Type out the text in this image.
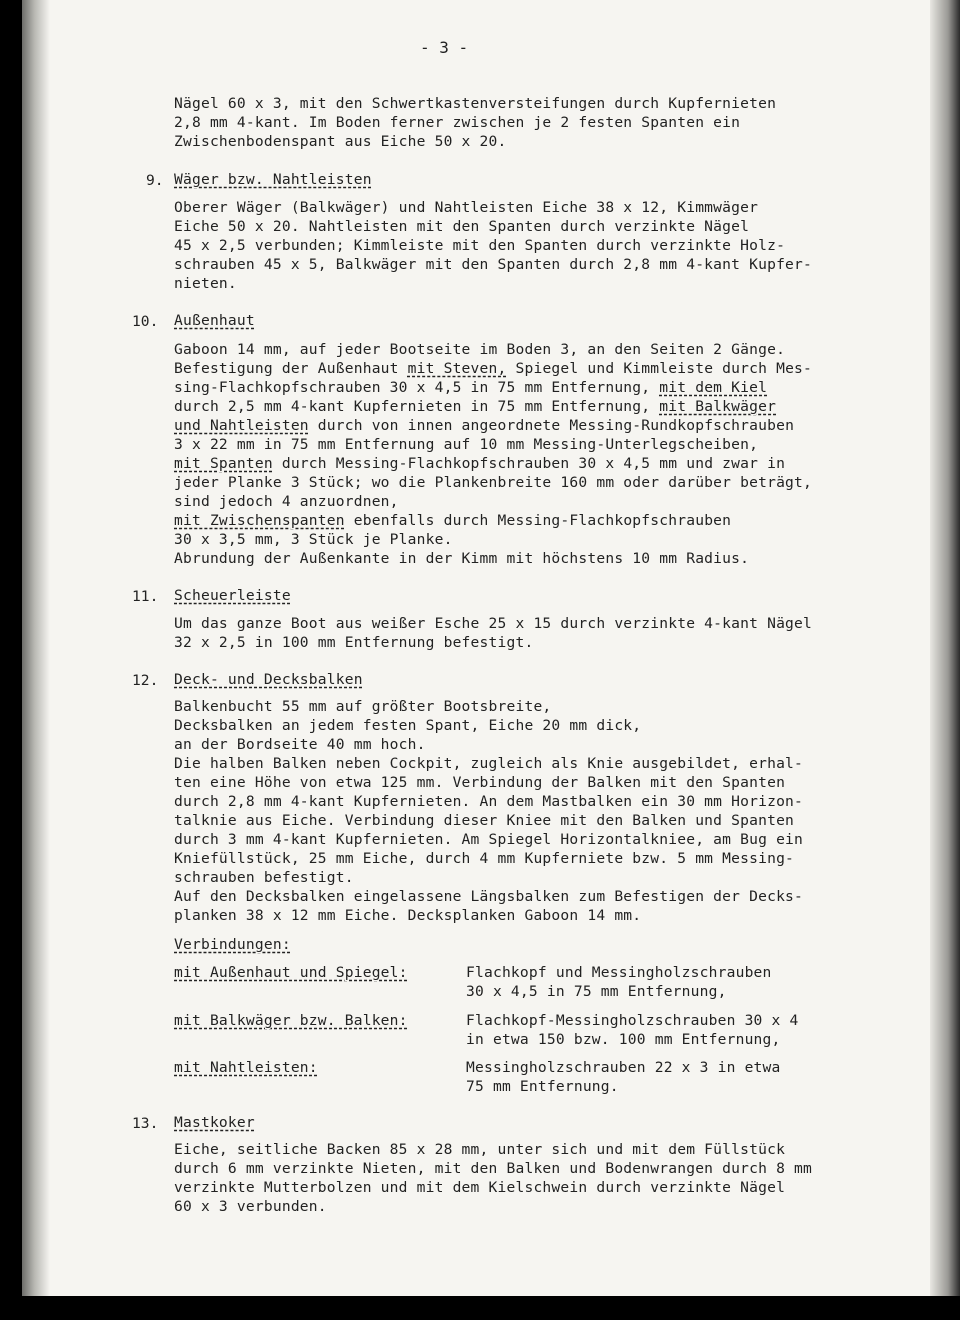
- 3 -
Nägel 60 x 3, mit den Schwertkastenversteifungen durch Kupfernieten
2,8 mm 4-kant. Im Boden ferner zwischen je 2 festen Spanten ein
Zwischenbodenspant aus Eiche 50 x 20.
9. Wäger bzw. Nahtleisten
Oberer Wäger (Balkwäger) und Nahtleisten Eiche 38 x 12, Kimmwäger
Eiche 50 x 20. Nahtleisten mit den Spanten durch verzinkte Nägel
45 x 2,5 verbunden; Kimmleiste mit den Spanten durch verzinkte Holz-
schrauben 45 x 5, Balkwäger mit den Spanten durch 2,8 mm 4-kant Kupfer-
nieten.
10. Außenhaut
Gaboon 14 mm, auf jeder Bootseite im Boden 3, an den Seiten 2 Gänge.
Befestigung der Außenhaut mit Steven, Spiegel und Kimmleiste durch Mes-
sing-Flachkopfschrauben 30 x 4,5 in 75 mm Entfernung, mit dem Kiel
durch 2,5 mm 4-kant Kupfernieten in 75 mm Entfernung, mit Balkwäger
und Nahtleisten durch von innen angeordnete Messing-Rundkopfschrauben
3 x 22 mm in 75 mm Entfernung auf 10 mm Messing-Unterlegscheiben,
mit Spanten durch Messing-Flachkopfschrauben 30 x 4,5 mm und zwar in
jeder Planke 3 Stück; wo die Plankenbreite 160 mm oder darüber beträgt,
sind jedoch 4 anzuordnen,
mit Zwischenspanten ebenfalls durch Messing-Flachkopfschrauben
30 x 3,5 mm, 3 Stück je Planke.
Abrundung der Außenkante in der Kimm mit höchstens 10 mm Radius.
11. Scheuerleiste
Um das ganze Boot aus weißer Esche 25 x 15 durch verzinkte 4-kant Nägel
32 x 2,5 in 100 mm Entfernung befestigt.
12. Deck- und Decksbalken
Balkenbucht 55 mm auf größter Bootsbreite,
Decksbalken an jedem festen Spant, Eiche 20 mm dick,
an der Bordseite 40 mm hoch.
Die halben Balken neben Cockpit, zugleich als Knie ausgebildet, erhal-
ten eine Höhe von etwa 125 mm. Verbindung der Balken mit den Spanten
durch 2,8 mm 4-kant Kupfernieten. An dem Mastbalken ein 30 mm Horizon-
talknie aus Eiche. Verbindung dieser Kniee mit den Balken und Spanten
durch 3 mm 4-kant Kupfernieten. Am Spiegel Horizontalkniee, am Bug ein
Kniefüllstück, 25 mm Eiche, durch 4 mm Kupferniete bzw. 5 mm Messing-
schrauben befestigt.
Auf den Decksbalken eingelassene Längsbalken zum Befestigen der Decks-
planken 38 x 12 mm Eiche. Decksplanken Gaboon 14 mm.
Verbindungen:
mit Außenhaut und Spiegel:	Flachkopf und Messingholzschrauben
30 x 4,5 in 75 mm Entfernung,
mit Balkwäger bzw. Balken:	Flachkopf-Messingholzschrauben 30 x 4
in etwa 150 bzw. 100 mm Entfernung,
mit Nahtleisten:	Messingholzschrauben 22 x 3 in etwa
75 mm Entfernung.
13. Mastkoker
Eiche, seitliche Backen 85 x 28 mm, unter sich und mit dem Füllstück
durch 6 mm verzinkte Nieten, mit den Balken und Bodenwrangen durch 8 mm
verzinkte Mutterbolzen und mit dem Kielschwein durch verzinkte Nägel
60 x 3 verbunden.
